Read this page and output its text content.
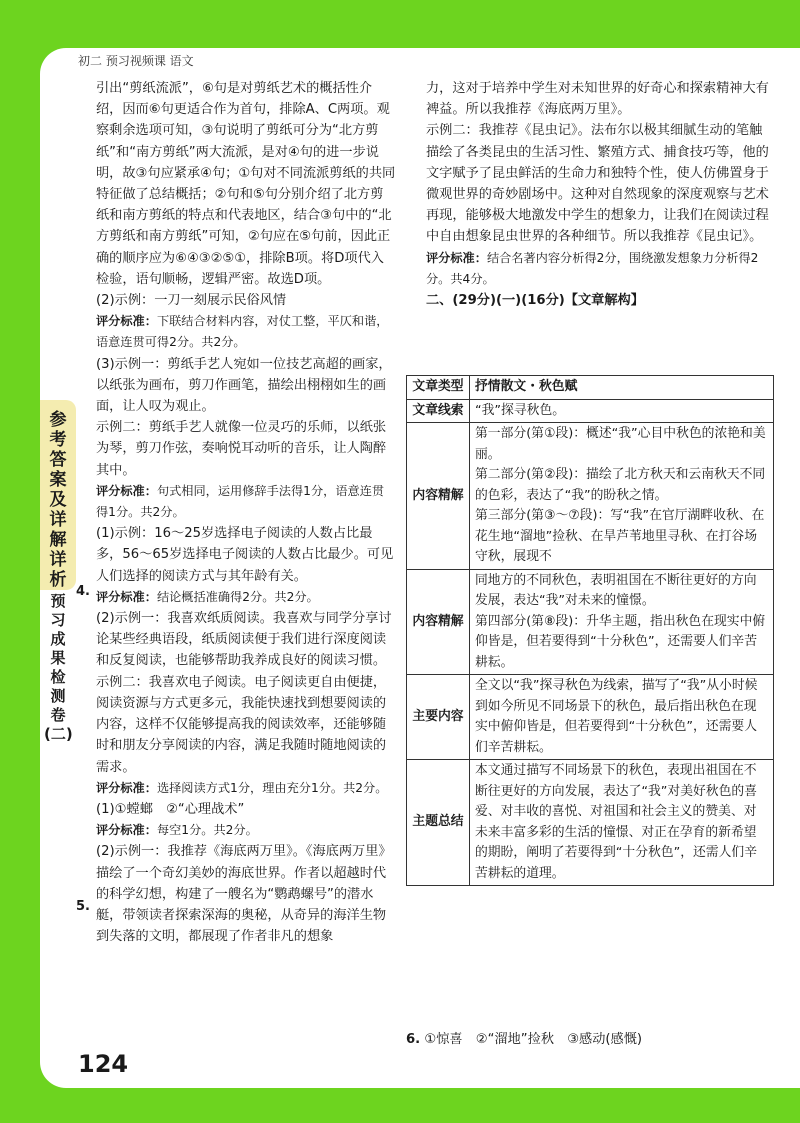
初二 预习视频课 语文
参考答案及详解详析
预习成果检测卷(二)

引出“剪纸流派”，⑥句是对剪纸艺术的概括性介绍，因而⑥句更适合作为首句，排除A、C两项。观察剩余选项可知，③句说明了剪纸可分为“北方剪纸”和“南方剪纸”两大流派，是对④句的进一步说明，故③句应紧承④句；①句对不同流派剪纸的共同特征做了总结概括；②句和⑤句分别介绍了北方剪纸和南方剪纸的特点和代表地区，结合③句中的“北方剪纸和南方剪纸”可知，②句应在⑤句前，因此正确的顺序应为⑥④③②⑤①，排除B项。将D项代入检验，语句顺畅，逻辑严密。故选D项。

(2)示例：一刀一刻展示民俗风情

评分标准：下联结合材料内容，对仗工整，平仄和谐，语意连贯可得2分。共2分。

(3)示例一：剪纸手艺人宛如一位技艺高超的画家，以纸张为画布，剪刀作画笔，描绘出栩栩如生的画面，让人叹为观止。

示例二：剪纸手艺人就像一位灵巧的乐师，以纸张为琴，剪刀作弦，奏响悦耳动听的音乐，让人陶醉其中。

评分标准：句式相同，运用修辞手法得1分，语意连贯得1分。共2分。

(1)示例：16～25岁选择电子阅读的人数占比最多，56～65岁选择电子阅读的人数占比最少。可见人们选择的阅读方式与其年龄有关。

评分标准：结论概括准确得2分。共2分。

(2)示例一：我喜欢纸质阅读。我喜欢与同学分享讨论某些经典语段，纸质阅读便于我们进行深度阅读和反复阅读，也能够帮助我养成良好的阅读习惯。

示例二：我喜欢电子阅读。电子阅读更自由便捷，阅读资源与方式更多元，我能快速找到想要阅读的内容，这样不仅能够提高我的阅读效率，还能够随时和朋友分享阅读的内容，满足我随时随地阅读的需求。

评分标准：选择阅读方式1分，理由充分1分。共2分。

(1)①螳螂　②“心理战术”

评分标准：每空1分。共2分。

(2)示例一：我推荐《海底两万里》。《海底两万里》描绘了一个奇幻美妙的海底世界。作者以超越时代的科学幻想，构建了一艘名为“鹦鹉螺号”的潜水艇，带领读者探索深海的奥秘，从奇异的海洋生物到失落的文明，都展现了作者非凡的想象

4.
5.

力，这对于培养中学生对未知世界的好奇心和探索精神大有裨益。所以我推荐《海底两万里》。

示例二：我推荐《昆虫记》。法布尔以极其细腻生动的笔触描绘了各类昆虫的生活习性、繁殖方式、捕食技巧等，他的文字赋予了昆虫鲜活的生命力和独特个性，使人仿佛置身于微观世界的奇妙剧场中。这种对自然现象的深度观察与艺术再现，能够极大地激发中学生的想象力，让我们在阅读过程中自由想象昆虫世界的各种细节。所以我推荐《昆虫记》。

评分标准：结合名著内容分析得2分，围绕激发想象力分析得2分。共4分。

二、(29分)(一)(16分)【文章解构】

文章类型	抒情散文・秋色赋
文章线索	“我”探寻秋色。
内容精解	第一部分(第①段)：概述“我”心目中秋色的浓艳和美丽。
第二部分(第②段)：描绘了北方秋天和云南秋天不同的色彩，表达了“我”的盼秋之情。
第三部分(第③～⑦段)：写“我”在官厅湖畔收秋、在花生地“溜地”捡秋、在旱芦苇地里寻秋、在打谷场守秋，展现不
内容精解	同地方的不同秋色，表明祖国在不断往更好的方向发展，表达“我”对未来的憧憬。
第四部分(第⑧段)：升华主题，指出秋色在现实中俯仰皆是，但若要得到“十分秋色”，还需要人们辛苦耕耘。
主要内容	全文以“我”探寻秋色为线索，描写了“我”从小时候到如今所见不同场景下的秋色，最后指出秋色在现实中俯仰皆是，但若要得到“十分秋色”，还需要人们辛苦耕耘。
主题总结	本文通过描写不同场景下的秋色，表现出祖国在不断往更好的方向发展，表达了“我”对美好秋色的喜爱、对丰收的喜悦、对祖国和社会主义的赞美、对未来丰富多彩的生活的憧憬、对正在孕育的新希望的期盼，阐明了若要得到“十分秋色”，还需人们辛苦耕耘的道理。
6. ①惊喜　②“溜地”捡秋　③感动(感慨)
124
